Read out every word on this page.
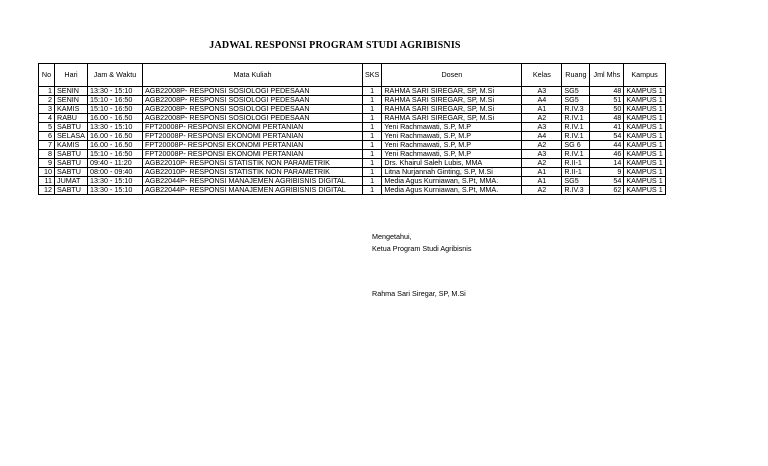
JADWAL RESPONSI PROGRAM STUDI AGRIBISNIS
No	Hari	Jam & Waktu	Mata Kuliah	SKS	Dosen	Kelas	Ruang	Jml Mhs	Kampus
1	SENIN	13:30 - 15:10	AGB22008P- RESPONSI SOSIOLOGI PEDESAAN	1	RAHMA SARI SIREGAR, SP, M.Si	A3	SG5	48	KAMPUS 1
2	SENIN	15:10 - 16:50	AGB22008P- RESPONSI SOSIOLOGI PEDESAAN	1	RAHMA SARI SIREGAR, SP, M.Si	A4	SG5	51	KAMPUS 1
3	KAMIS	15:10 - 16:50	AGB22008P- RESPONSI SOSIOLOGI PEDESAAN	1	RAHMA SARI SIREGAR, SP, M.Si	A1	R.IV.3	50	KAMPUS 1
4	RABU	16.00 - 16.50	AGB22008P- RESPONSI SOSIOLOGI PEDESAAN	1	RAHMA SARI SIREGAR, SP, M.Si	A2	R.IV.1	48	KAMPUS 1
5	SABTU	13:30 - 15:10	FPT20008P- RESPONSI EKONOMI PERTANIAN	1	Yeni Rachmawati, S.P, M.P	A3	R.IV.1	41	KAMPUS 1
6	SELASA	16.00 - 16.50	FPT20008P- RESPONSI EKONOMI PERTANIAN	1	Yeni Rachmawati, S.P, M.P	A4	R.IV.1	54	KAMPUS 1
7	KAMIS	16.00 - 16.50	FPT20008P- RESPONSI EKONOMI PERTANIAN	1	Yeni Rachmawati, S.P, M.P	A2	SG 6	44	KAMPUS 1
8	SABTU	15:10 - 16:50	FPT20008P- RESPONSI EKONOMI PERTANIAN	1	Yeni Rachmawati, S.P, M.P	A3	R.IV.1	46	KAMPUS 1
9	SABTU	09:40 - 11:20	AGB22010P- RESPONSI STATISTIK NON PARAMETRIK	1	Drs. Khairul Saleh Lubis, MMA	A2	R.II-1	14	KAMPUS 1
10	SABTU	08:00 - 09:40	AGB22010P- RESPONSI STATISTIK NON PARAMETRIK	1	Litna Nurjannah Ginting, S.P, M.Si	A1	R.II-1	9	KAMPUS 1
11	JUMAT	13:30 - 15:10	AGB22044P- RESPONSI MANAJEMEN AGRIBISNIS DIGITAL	1	Media Agus Kurniawan, S.Pt, MMA.	A1	SG5	54	KAMPUS 1
12	SABTU	13:30 - 15:10	AGB22044P- RESPONSI MANAJEMEN AGRIBISNIS DIGITAL	1	Media Agus Kurniawan, S.Pt, MMA.	A2	R.IV.3	62	KAMPUS 1
Mengetahui,
Ketua Program Studi Agribisnis
Rahma Sari Siregar, SP, M.Si
